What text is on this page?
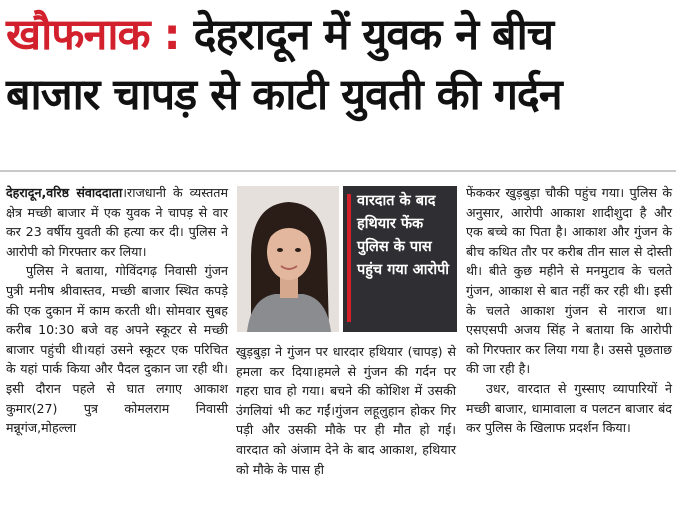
खौफनाक : देहरादून में युवक ने बीच
बाजार चापड़ से काटी युवती की गर्दन

देहरादून,वरिष्ठ संवाददाता।राजधानी के व्यस्ततम क्षेत्र मच्छी बाजार में एक युवक ने चापड़ से वार कर 23 वर्षीय युवती की हत्या कर दी। पुलिस ने आरोपी को गिरफ्तार कर लिया।

पुलिस ने बताया, गोविंदगढ़ निवासी गुंजन पुत्री मनीष श्रीवास्तव, मच्छी बाजार स्थित कपड़े की एक दुकान में काम करती थी। सोमवार सुबह करीब 10:30 बजे वह अपने स्कूटर से मच्छी बाजार पहुंची थी।यहां उसने स्कूटर एक परिचित के यहां पार्क किया और पैदल दुकान जा रही थी। इसी दौरान पहले से घात लगाए आकाश कुमार(27) पुत्र कोमलराम निवासी मन्नूगंज,मोहल्ला

वारदात के बाद हथियार फेंक पुलिस के पास पहुंच गया आरोपी

खुड़बुड़ा ने गुंजन पर धारदार हथियार (चापड़) से हमला कर दिया।हमले से गुंजन की गर्दन पर गहरा घाव हो गया। बचने की कोशिश में उसकी उंगलियां भी कट गईं।गुंजन लहूलुहान होकर गिर पड़ी और उसकी मौके पर ही मौत हो गई। वारदात को अंजाम देने के बाद आकाश, हथियार को मौके के पास ही

फेंककर खुड़बुड़ा चौकी पहुंच गया। पुलिस के अनुसार, आरोपी आकाश शादीशुदा है और एक बच्चे का पिता है। आकाश और गुंजन के बीच कथित तौर पर करीब तीन साल से दोस्ती थी। बीते कुछ महीने से मनमुटाव के चलते गुंजन, आकाश से बात नहीं कर रही थी। इसी के चलते आकाश गुंजन से नाराज था। एसएसपी अजय सिंह ने बताया कि आरोपी को गिरफ्तार कर लिया गया है। उससे पूछताछ की जा रही है।

उधर, वारदात से गुस्साए व्यापारियों ने मच्छी बाजार, धामावाला व पलटन बाजार बंद कर पुलिस के खिलाफ प्रदर्शन किया।
